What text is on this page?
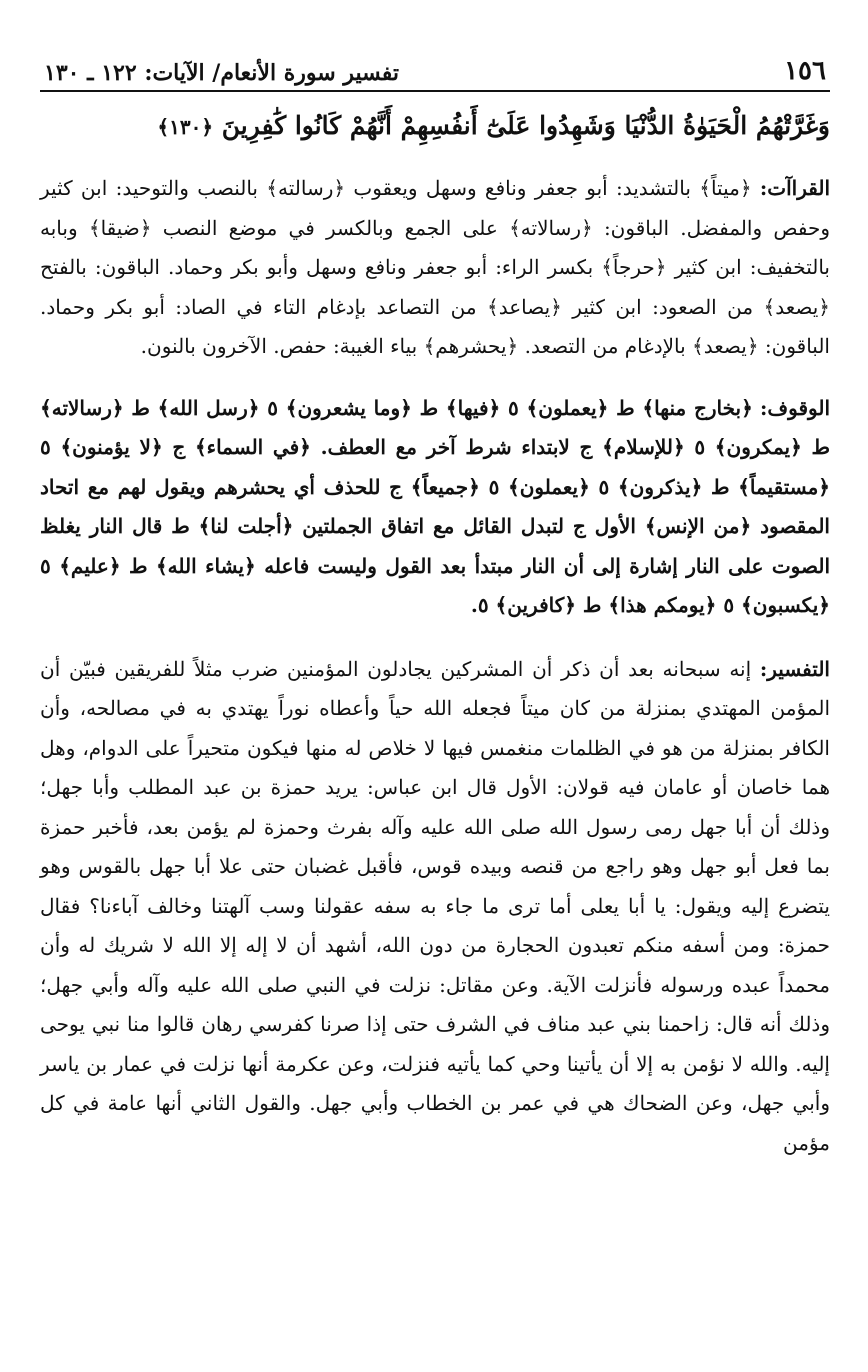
١٥٦
تفسير سورة الأنعام/ الآيات: ١٢٢ ـ ١٣٠
وَغَرَّتْهُمُ الْحَيَوٰةُ الدُّنْيَا وَشَهِدُوا عَلَىٰٓ أَنفُسِهِمْ أَنَّهُمْ كَانُوا كَٰفِرِينَ ﴿١٣٠﴾

القراآت: ﴿ميتاً﴾ بالتشديد: أبو جعفر ونافع وسهل ويعقوب ﴿رسالته﴾ بالنصب والتوحيد: ابن كثير وحفص والمفضل. الباقون: ﴿رسالاته﴾ على الجمع وبالكسر في موضع النصب ﴿ضيقا﴾ وبابه بالتخفيف: ابن كثير ﴿حرجاً﴾ بكسر الراء: أبو جعفر ونافع وسهل وأبو بكر وحماد. الباقون: بالفتح ﴿يصعد﴾ من الصعود: ابن كثير ﴿يصاعد﴾ من التصاعد بإدغام التاء في الصاد: أبو بكر وحماد. الباقون: ﴿يصعد﴾ بالإدغام من التصعد. ﴿يحشرهم﴾ بياء الغيبة: حفص. الآخرون بالنون.

الوقوف: ﴿بخارج منها﴾ ط ﴿يعملون﴾ ٥ ﴿فيها﴾ ط ﴿وما يشعرون﴾ ٥ ﴿رسل الله﴾ ط ﴿رسالاته﴾ ط ﴿يمكرون﴾ ٥ ﴿للإسلام﴾ ج لابتداء شرط آخر مع العطف. ﴿في السماء﴾ ج ﴿لا يؤمنون﴾ ٥ ﴿مستقيماً﴾ ط ﴿يذكرون﴾ ٥ ﴿يعملون﴾ ٥ ﴿جميعاً﴾ ج للحذف أي يحشرهم ويقول لهم مع اتحاد المقصود ﴿من الإنس﴾ الأول ج لتبدل القائل مع اتفاق الجملتين ﴿أجلت لنا﴾ ط قال النار يغلظ الصوت على النار إشارة إلى أن النار مبتدأ بعد القول وليست فاعله ﴿يشاء الله﴾ ط ﴿عليم﴾ ٥ ﴿يكسبون﴾ ٥ ﴿يومكم هذا﴾ ط ﴿كافرين﴾ ٥.

التفسير: إنه سبحانه بعد أن ذكر أن المشركين يجادلون المؤمنين ضرب مثلاً للفريقين فبيّن أن المؤمن المهتدي بمنزلة من كان ميتاً فجعله الله حياً وأعطاه نوراً يهتدي به في مصالحه، وأن الكافر بمنزلة من هو في الظلمات منغمس فيها لا خلاص له منها فيكون متحيراً على الدوام، وهل هما خاصان أو عامان فيه قولان: الأول قال ابن عباس: يريد حمزة بن عبد المطلب وأبا جهل؛ وذلك أن أبا جهل رمى رسول الله صلى الله عليه وآله بفرث وحمزة لم يؤمن بعد، فأخبر حمزة بما فعل أبو جهل وهو راجع من قنصه وبيده قوس، فأقبل غضبان حتى علا أبا جهل بالقوس وهو يتضرع إليه ويقول: يا أبا يعلى أما ترى ما جاء به سفه عقولنا وسب آلهتنا وخالف آباءنا؟ فقال حمزة: ومن أسفه منكم تعبدون الحجارة من دون الله، أشهد أن لا إله إلا الله لا شريك له وأن محمداً عبده ورسوله فأنزلت الآية. وعن مقاتل: نزلت في النبي صلى الله عليه وآله وأبي جهل؛ وذلك أنه قال: زاحمنا بني عبد مناف في الشرف حتى إذا صرنا كفرسي رهان قالوا منا نبي يوحى إليه. والله لا نؤمن به إلا أن يأتينا وحي كما يأتيه فنزلت، وعن عكرمة أنها نزلت في عمار بن ياسر وأبي جهل، وعن الضحاك هي في عمر بن الخطاب وأبي جهل. والقول الثاني أنها عامة في كل مؤمن
